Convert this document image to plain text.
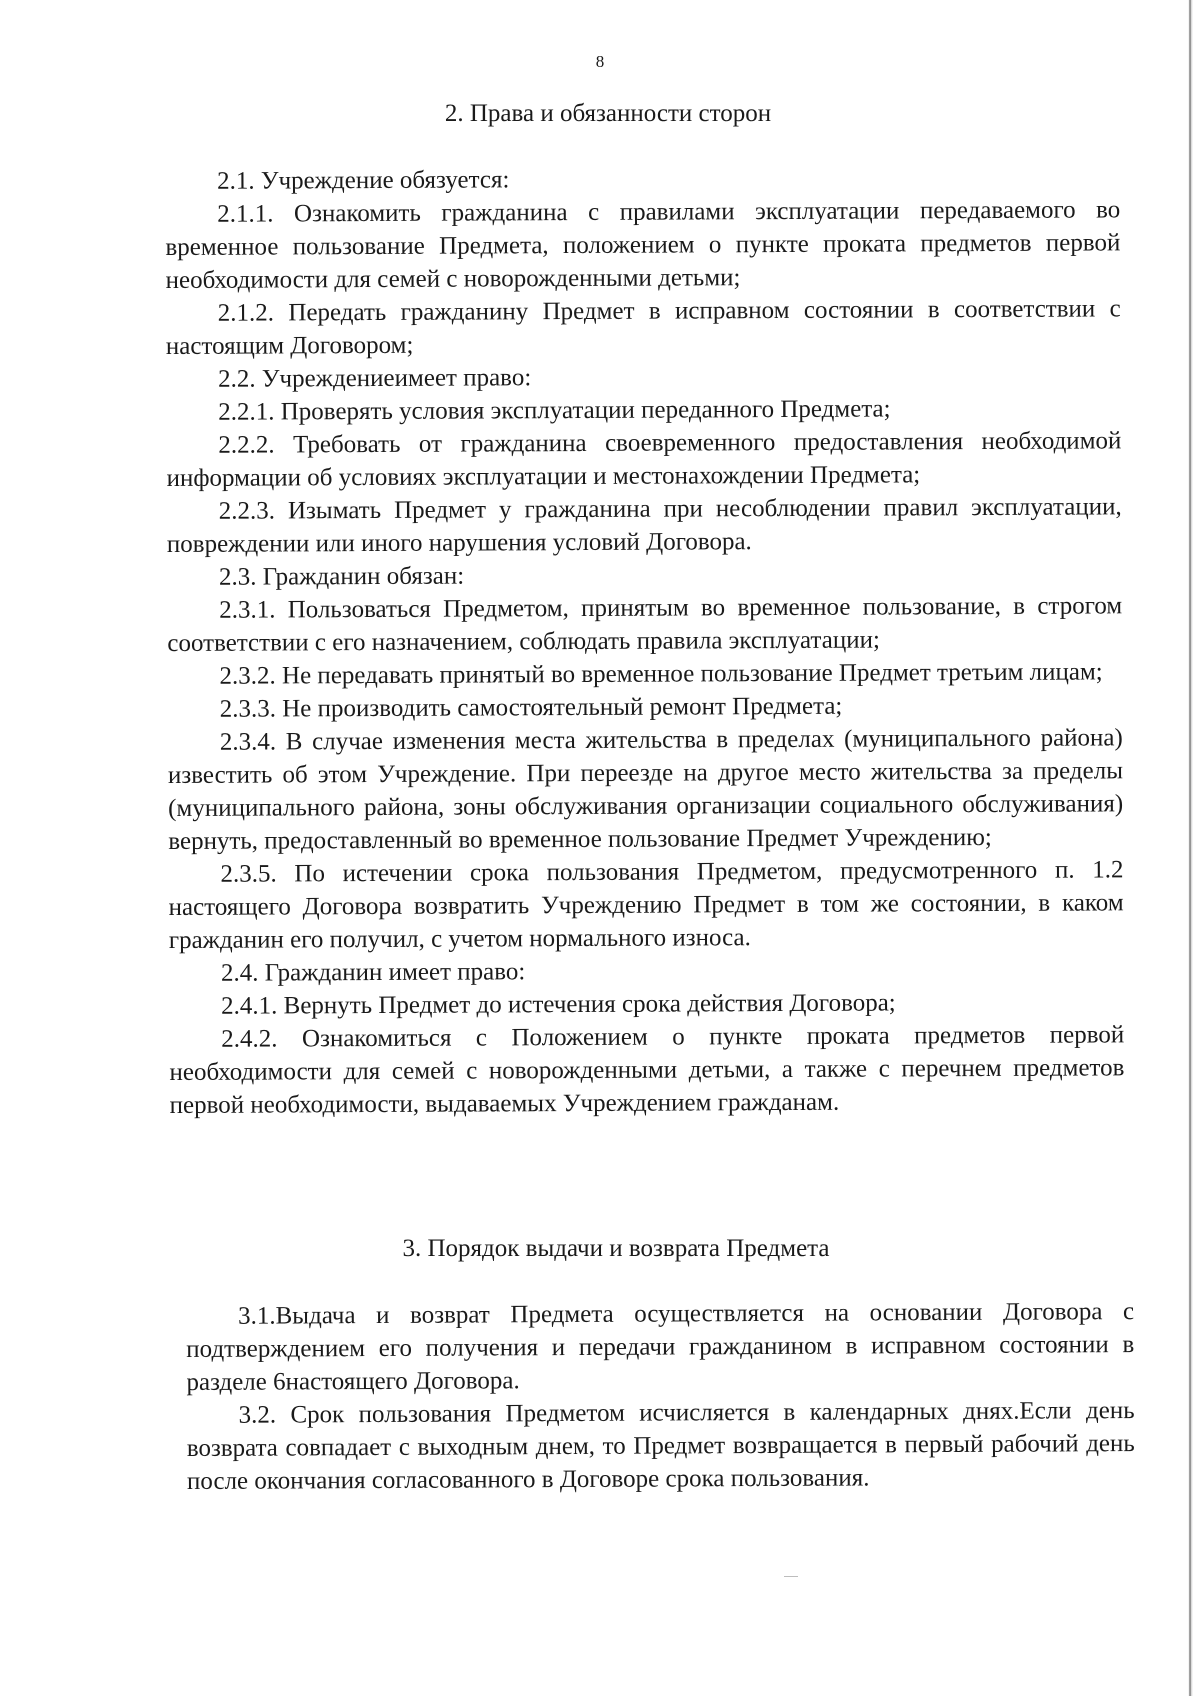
8
2. Права и обязанности сторон

2.1. Учреждение обязуется:

2.1.1. Ознакомить гражданина с правилами эксплуатации передаваемого во временное пользование Предмета, положением о пункте проката предметов первой необходимости для семей с новорожденными детьми;

2.1.2. Передать гражданину Предмет в исправном состоянии в соответствии с настоящим Договором;

2.2. Учреждениеимеет право:

2.2.1. Проверять условия эксплуатации переданного Предмета;

2.2.2. Требовать от гражданина своевременного предоставления необходимой информации об условиях эксплуатации и местонахождении Предмета;

2.2.3. Изымать Предмет у гражданина при несоблюдении правил эксплуатации, повреждении или иного нарушения условий Договора.

2.3. Гражданин обязан:

2.3.1. Пользоваться Предметом, принятым во временное пользование, в строгом соответствии с его назначением, соблюдать правила эксплуатации;

2.3.2. Не передавать принятый во временное пользование Предмет третьим лицам;

2.3.3. Не производить самостоятельный ремонт Предмета;

2.3.4. В случае изменения места жительства в пределах (муниципального района) известить об этом Учреждение. При переезде на другое место жительства за пределы (муниципального района, зоны обслуживания организации социального обслуживания) вернуть, предоставленный во временное пользование Предмет Учреждению;

2.3.5. По истечении срока пользования Предметом, предусмотренного п. 1.2 настоящего Договора возвратить Учреждению Предмет в том же состоянии, в каком гражданин его получил, с учетом нормального износа.

2.4. Гражданин имеет право:

2.4.1. Вернуть Предмет до истечения срока действия Договора;

2.4.2. Ознакомиться с Положением о пункте проката предметов первой необходимости для семей с новорожденными детьми, а также с перечнем предметов первой необходимости, выдаваемых Учреждением гражданам.

3. Порядок выдачи и возврата Предмета

3.1.Выдача и возврат Предмета осуществляется на основании Договора с подтверждением его получения и передачи гражданином в исправном состоянии в разделе 6настоящего Договора.

3.2. Срок пользования Предметом исчисляется в календарных днях.Если день возврата совпадает с выходным днем, то Предмет возвращается в первый рабочий день после окончания согласованного в Договоре срока пользования.
